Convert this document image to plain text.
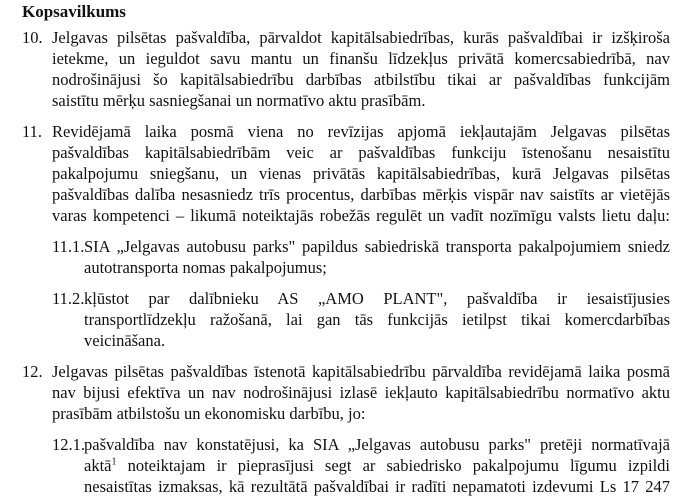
Kopsavilkums
10. Jelgavas pilsētas pašvaldība, pārvaldot kapitālsabiedrības, kurās pašvaldībai ir izšķiroša
ietekme, un ieguldot savu mantu un finanšu līdzekļus privātā komercsabiedrībā, nav
nodrošinājusi šo kapitālsabiedrību darbības atbilstību tikai ar pašvaldības funkcijām
saistītu mērķu sasniegšanai un normatīvo aktu prasībām.
11. Revidējamā laika posmā viena no revīzijas apjomā iekļautajām Jelgavas pilsētas
pašvaldības kapitālsabiedrībām veic ar pašvaldības funkciju īstenošanu nesaistītu
pakalpojumu sniegšanu, un vienas privātās kapitālsabiedrības, kurā Jelgavas pilsētas
pašvaldības dalība nesasniedz trīs procentus, darbības mērķis vispār nav saistīts ar vietējās
varas kompetenci – likumā noteiktajās robežās regulēt un vadīt nozīmīgu valsts lietu daļu:
11.1. SIA „Jelgavas autobusu parks" papildus sabiedriskā transporta pakalpojumiem sniedz
autotransporta nomas pakalpojumus;
11.2. kļūstot par dalībnieku AS „AMO PLANT", pašvaldība ir iesaistījusies
transportlīdzekļu ražošanā, lai gan tās funkcijās ietilpst tikai komercdarbības
veicināšana.
12. Jelgavas pilsētas pašvaldības īstenotā kapitālsabiedrību pārvaldība revidējamā laika posmā
nav bijusi efektīva un nav nodrošinājusi izlasē iekļauto kapitālsabiedrību normatīvo aktu
prasībām atbilstošu un ekonomisku darbību, jo:
12.1. pašvaldība nav konstatējusi, ka SIA „Jelgavas autobusu parks" pretēji normatīvajā
aktā$^1$ noteiktajam ir pieprasījusi segt ar sabiedrisko pakalpojumu līgumu izpildi
nesaistītas izmaksas, kā rezultātā pašvaldībai ir radīti nepamatoti izdevumi Ls 17 247
